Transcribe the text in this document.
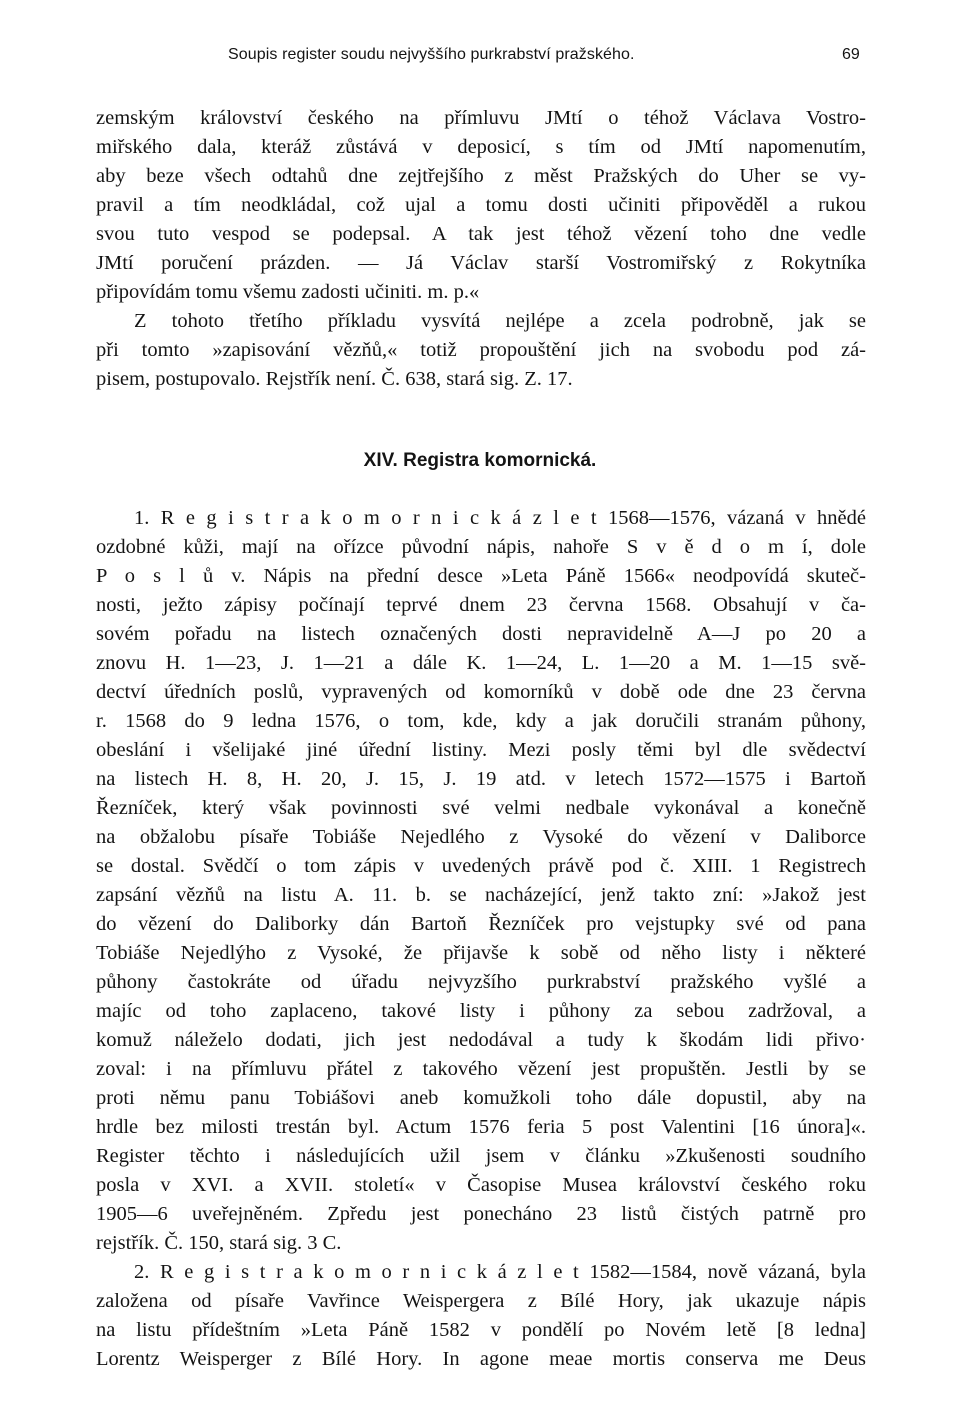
Soupis register soudu nejvyššího purkrabství pražského.	69
XIV. Registra komornická.
zemským království českého na přímluvu JMtí o téhož Václava Vostro-
miřského dala, kteráž zůstává v deposicí, s tím od JMtí napomenutím,
aby beze všech odtahů dne zejtřejšího z měst Pražských do Uher se vy-
pravil a tím neodkládal, což ujal a tomu dosti učiniti připověděl a rukou
svou tuto vespod se podepsal. A tak jest téhož vězení toho dne vedle
JMtí poručení prázden. — Já Václav starší Vostromiřský z Rokytníka
připovídám tomu všemu zadosti učiniti. m. p.«
Z tohoto třetího příkladu vysvítá nejlépe a zcela podrobně, jak se
při tomto »zapisování vězňů,« totiž propouštění jich na svobodu pod zá-
pisem, postupovalo. Rejstřík není. Č. 638, stará sig. Z. 17.
1. R e g i s t r a k o m o r n i c k á z l e t 1568—1576, vázaná v hnědé
ozdobné kůži, mají na ořízce původní nápis, nahoře S v ě d o m í, dole
P o s l ů v. Nápis na přední desce »Leta Páně 1566« neodpovídá skuteč-
nosti, ježto zápisy počínají teprvé dnem 23 června 1568. Obsahují v ča-
sovém pořadu na listech označených dosti nepravidelně A—J po 20 a
znovu H. 1—23, J. 1—21 a dále K. 1—24, L. 1—20 a M. 1—15 svě-
dectví úředních poslů, vypravených od komorníků v době ode dne 23 června
r. 1568 do 9 ledna 1576, o tom, kde, kdy a jak doručili stranám půhony,
obeslání i všelijaké jiné úřední listiny. Mezi posly těmi byl dle svědectví
na listech H. 8, H. 20, J. 15, J. 19 atd. v letech 1572—1575 i Bartoň
Řezníček, který však povinnosti své velmi nedbale vykonával a konečně
na obžalobu písaře Tobiáše Nejedlého z Vysoké do vězení v Daliborce
se dostal. Svědčí o tom zápis v uvedených právě pod č. XIII. 1 Registrech
zapsání vězňů na listu A. 11. b. se nacházející, jenž takto zní: »Jakož jest
do vězení do Daliborky dán Bartoň Řezníček pro vejstupky své od pana
Tobiáše Nejedlýho z Vysoké, že přijavše k sobě od něho listy i některé
půhony častokráte od úřadu nejvyzšího purkrabství pražského vyšlé a
majíc od toho zaplaceno, takové listy i půhony za sebou zadržoval, a
komuž náleželo dodati, jich jest nedodával a tudy k škodám lidi přivo·
zoval: i na přímluvu přátel z takového vězení jest propuštěn. Jestli by se
proti němu panu Tobiášovi aneb komužkoli toho dále dopustil, aby na
hrdle bez milosti trestán byl. Actum 1576 feria 5 post Valentini [16 února]«.
Register těchto i následujících užil jsem v článku »Zkušenosti soudního
posla v XVI. a XVII. století« v Časopise Musea království českého roku
1905—6 uveřejněném. Zpředu jest ponecháno 23 listů čistých patrně pro
rejstřík. Č. 150, stará sig. 3 C.
2. R e g i s t r a k o m o r n i c k á z l e t 1582—1584, nově vázaná, byla
založena od písaře Vavřince Weispergera z Bílé Hory, jak ukazuje nápis
na listu přídeštním »Leta Páně 1582 v pondělí po Novém letě [8 ledna]
Lorentz Weisperger z Bílé Hory. In agone meae mortis conserva me Deus
